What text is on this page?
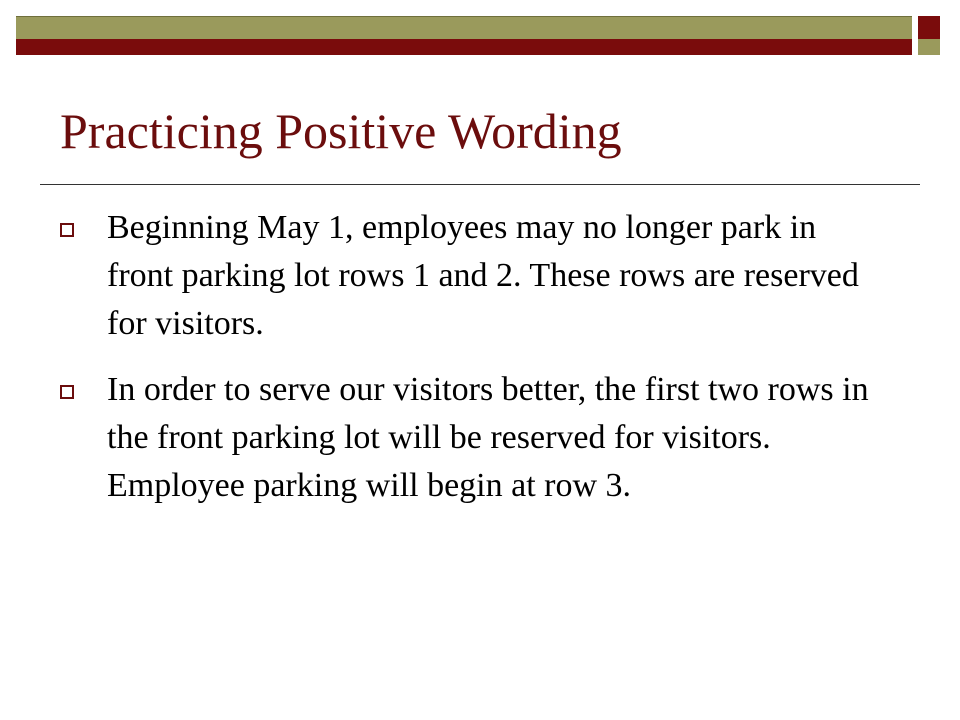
Practicing Positive Wording
Beginning May 1, employees may no longer park in front parking lot rows 1 and 2. These rows are reserved for visitors.
In order to serve our visitors better, the first two rows in the front parking lot will be reserved for visitors. Employee parking will begin at row 3.
